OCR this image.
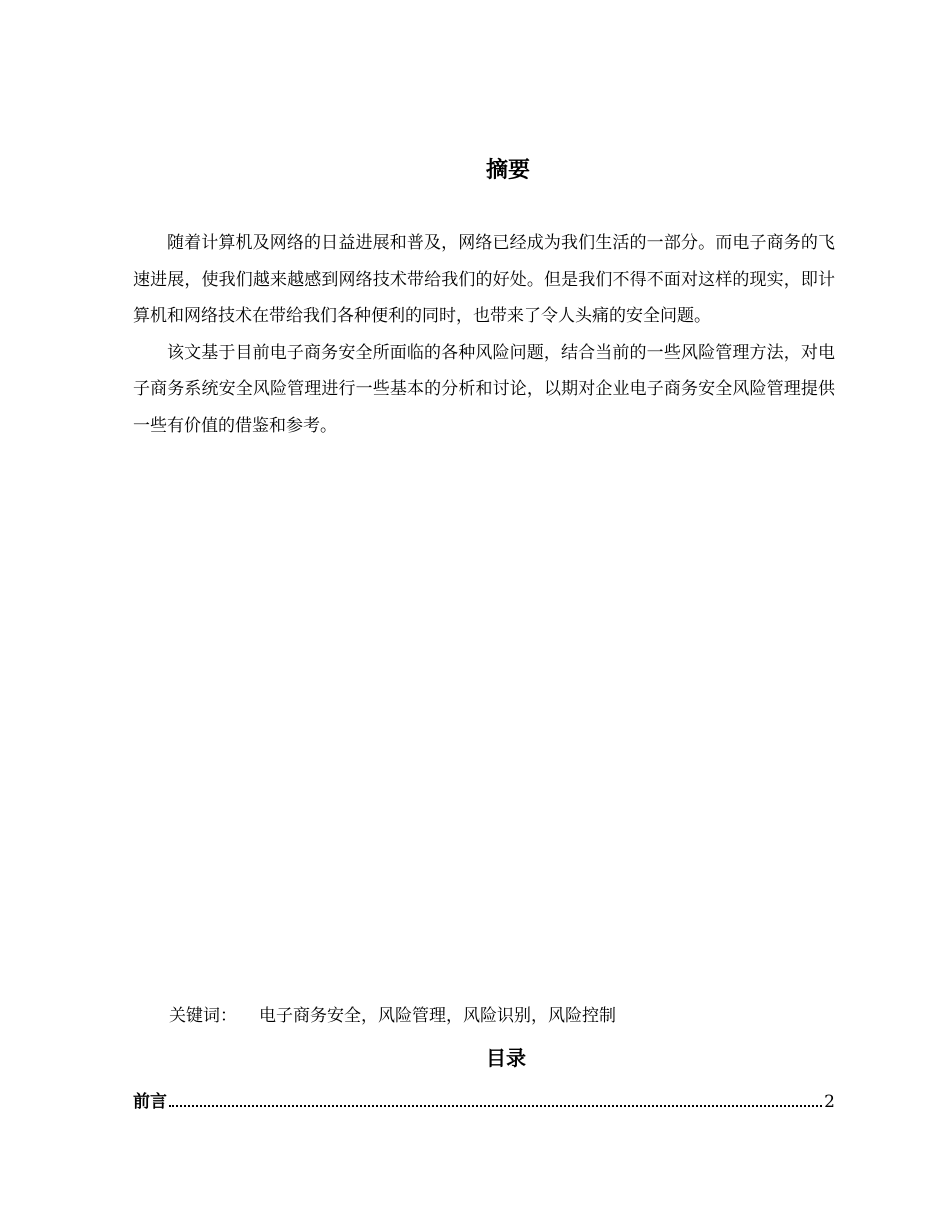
摘要

随着计算机及网络的日益进展和普及，网络已经成为我们生活的一部分。而电子商务的飞速进展，使我们越来越感到网络技术带给我们的好处。但是我们不得不面对这样的现实，即计算机和网络技术在带给我们各种便利的同时，也带来了令人头痛的安全问题。

该文基于目前电子商务安全所面临的各种风险问题，结合当前的一些风险管理方法，对电子商务系统安全风险管理进行一些基本的分析和讨论，以期对企业电子商务安全风险管理提供一些有价值的借鉴和参考。

关键词： 电子商务安全，风险管理，风险识别，风险控制
目录
前言	2
